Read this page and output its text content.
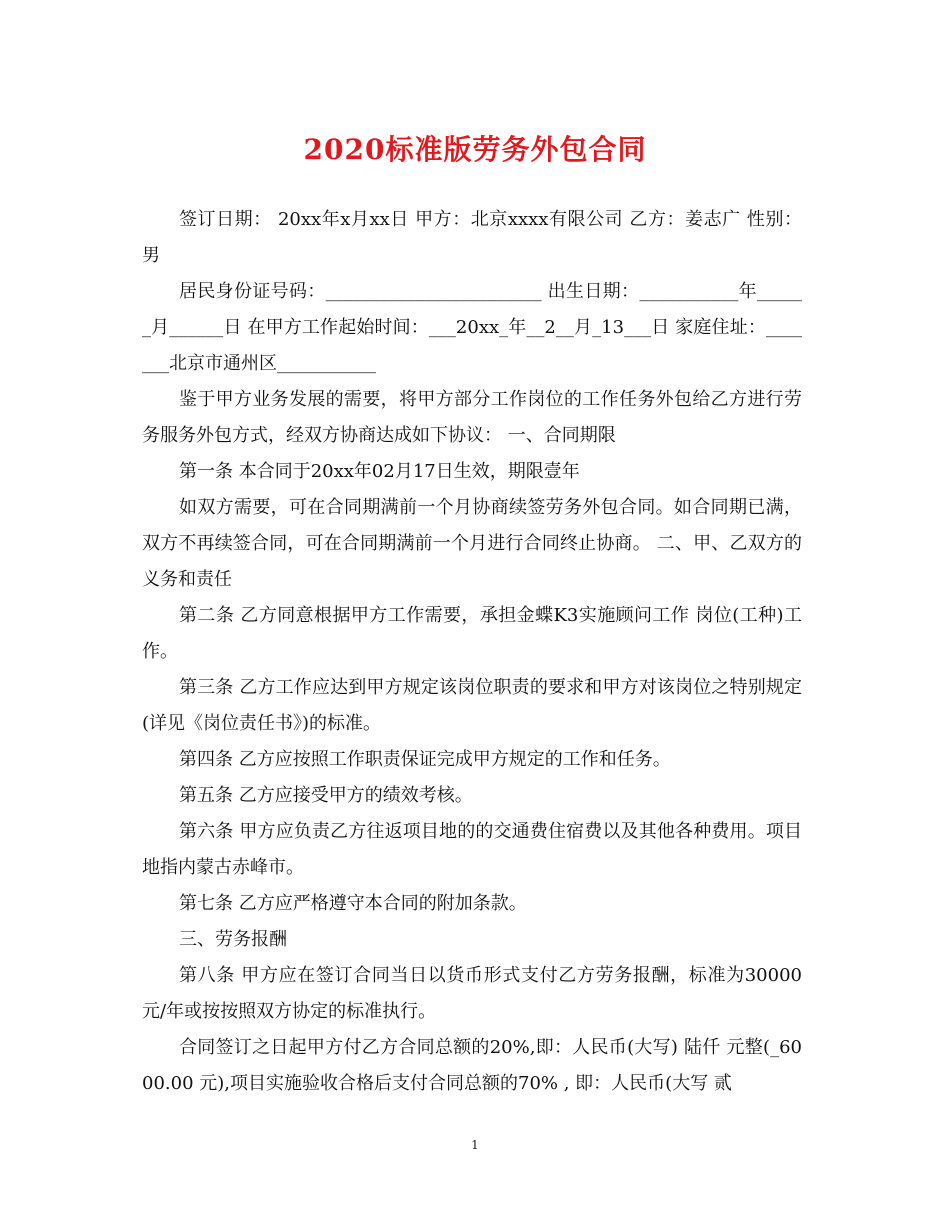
2020标准版劳务外包合同

签订日期： 20xx年x月xx日 甲方：北京xxxx有限公司 乙方：姜志广 性别：男

居民身份证号码：________________________ 出生日期：___________年______月______日 在甲方工作起始时间：___20xx_年__2__月_13___日 家庭住址：_______北京市通州区___________

鉴于甲方业务发展的需要，将甲方部分工作岗位的工作任务外包给乙方进行劳务服务外包方式，经双方协商达成如下协议： 一、合同期限

第一条 本合同于20xx年02月17日生效，期限壹年

如双方需要，可在合同期满前一个月协商续签劳务外包合同。如合同期已满，双方不再续签合同，可在合同期满前一个月进行合同终止协商。 二、甲、乙双方的义务和责任

第二条 乙方同意根据甲方工作需要，承担金蝶K3实施顾问工作 岗位(工种)工作。

第三条 乙方工作应达到甲方规定该岗位职责的要求和甲方对该岗位之特别规定(详见《岗位责任书》)的标准。

第四条 乙方应按照工作职责保证完成甲方规定的工作和任务。

第五条 乙方应接受甲方的绩效考核。

第六条 甲方应负责乙方往返项目地的的交通费住宿费以及其他各种费用。项目地指内蒙古赤峰市。

第七条 乙方应严格遵守本合同的附加条款。

三、劳务报酬

第八条 甲方应在签订合同当日以货币形式支付乙方劳务报酬，标准为30000元/年或按按照双方协定的标准执行。

合同签订之日起甲方付乙方合同总额的20%,即：人民币(大写) 陆仟 元整(_6000.00 元),项目实施验收合格后支付合同总额的70% , 即：人民币(大写 贰

1
